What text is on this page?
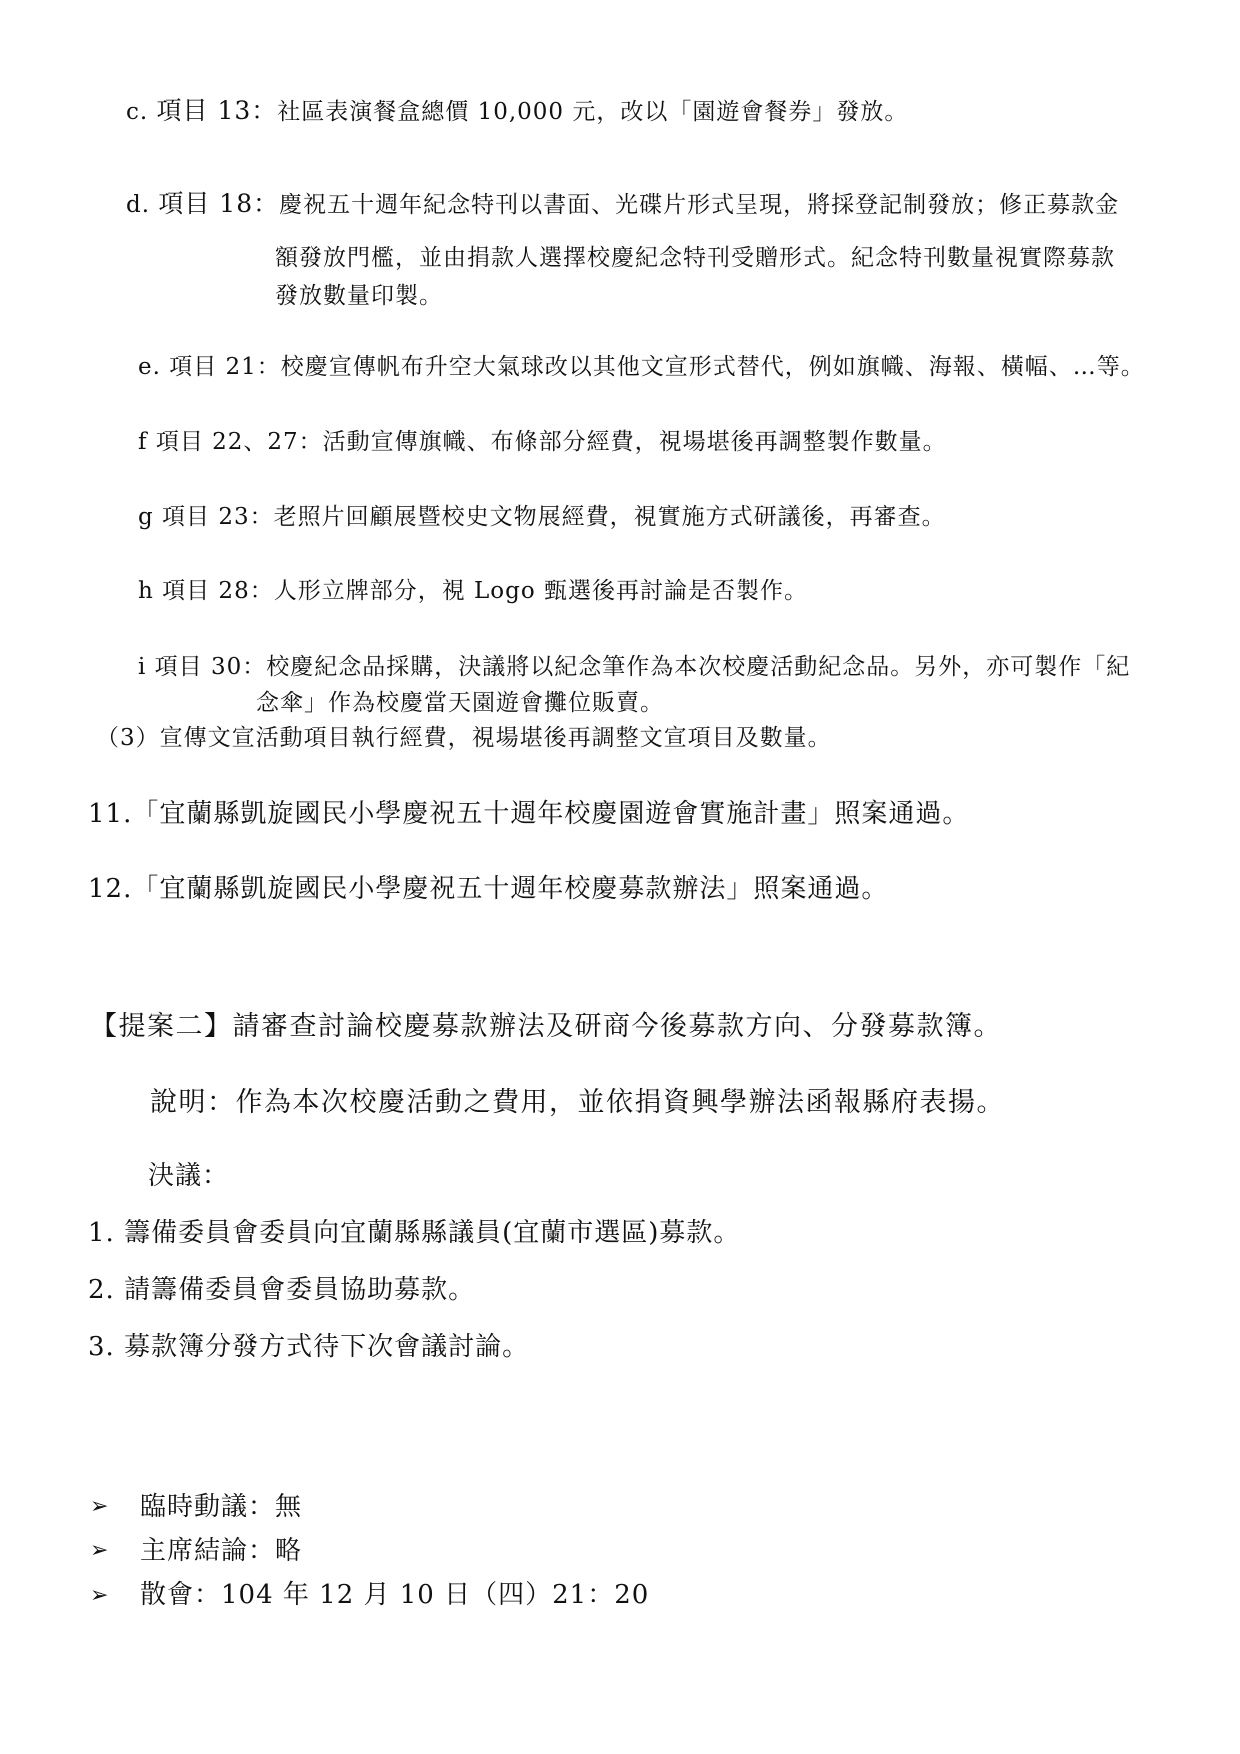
c. 項目 13：社區表演餐盒總價 10,000 元，改以「園遊會餐券」發放。
d. 項目 18：慶祝五十週年紀念特刊以書面、光碟片形式呈現，將採登記制發放；修正募款金
額發放門檻，並由捐款人選擇校慶紀念特刊受贈形式。紀念特刊數量視實際募款
發放數量印製。
e. 項目 21：校慶宣傳帆布升空大氣球改以其他文宣形式替代，例如旗幟、海報、橫幅、…等。
f 項目 22、27：活動宣傳旗幟、布條部分經費，視場堪後再調整製作數量。
g 項目 23：老照片回顧展暨校史文物展經費，視實施方式研議後，再審查。
h 項目 28：人形立牌部分，視 Logo 甄選後再討論是否製作。
i 項目 30：校慶紀念品採購，決議將以紀念筆作為本次校慶活動紀念品。另外，亦可製作「紀
念傘」作為校慶當天園遊會攤位販賣。
（3）宣傳文宣活動項目執行經費，視場堪後再調整文宣項目及數量。
11.「宜蘭縣凱旋國民小學慶祝五十週年校慶園遊會實施計畫」照案通過。
12.「宜蘭縣凱旋國民小學慶祝五十週年校慶募款辦法」照案通過。
【提案二】請審查討論校慶募款辦法及研商今後募款方向、分發募款簿。
說明：作為本次校慶活動之費用，並依捐資興學辦法函報縣府表揚。
決議：
1. 籌備委員會委員向宜蘭縣縣議員(宜蘭市選區)募款。
2. 請籌備委員會委員協助募款。
3. 募款簿分發方式待下次會議討論。
➢ 臨時動議：無
➢ 主席結論：略
➢ 散會：104 年 12 月 10 日（四）21：20
